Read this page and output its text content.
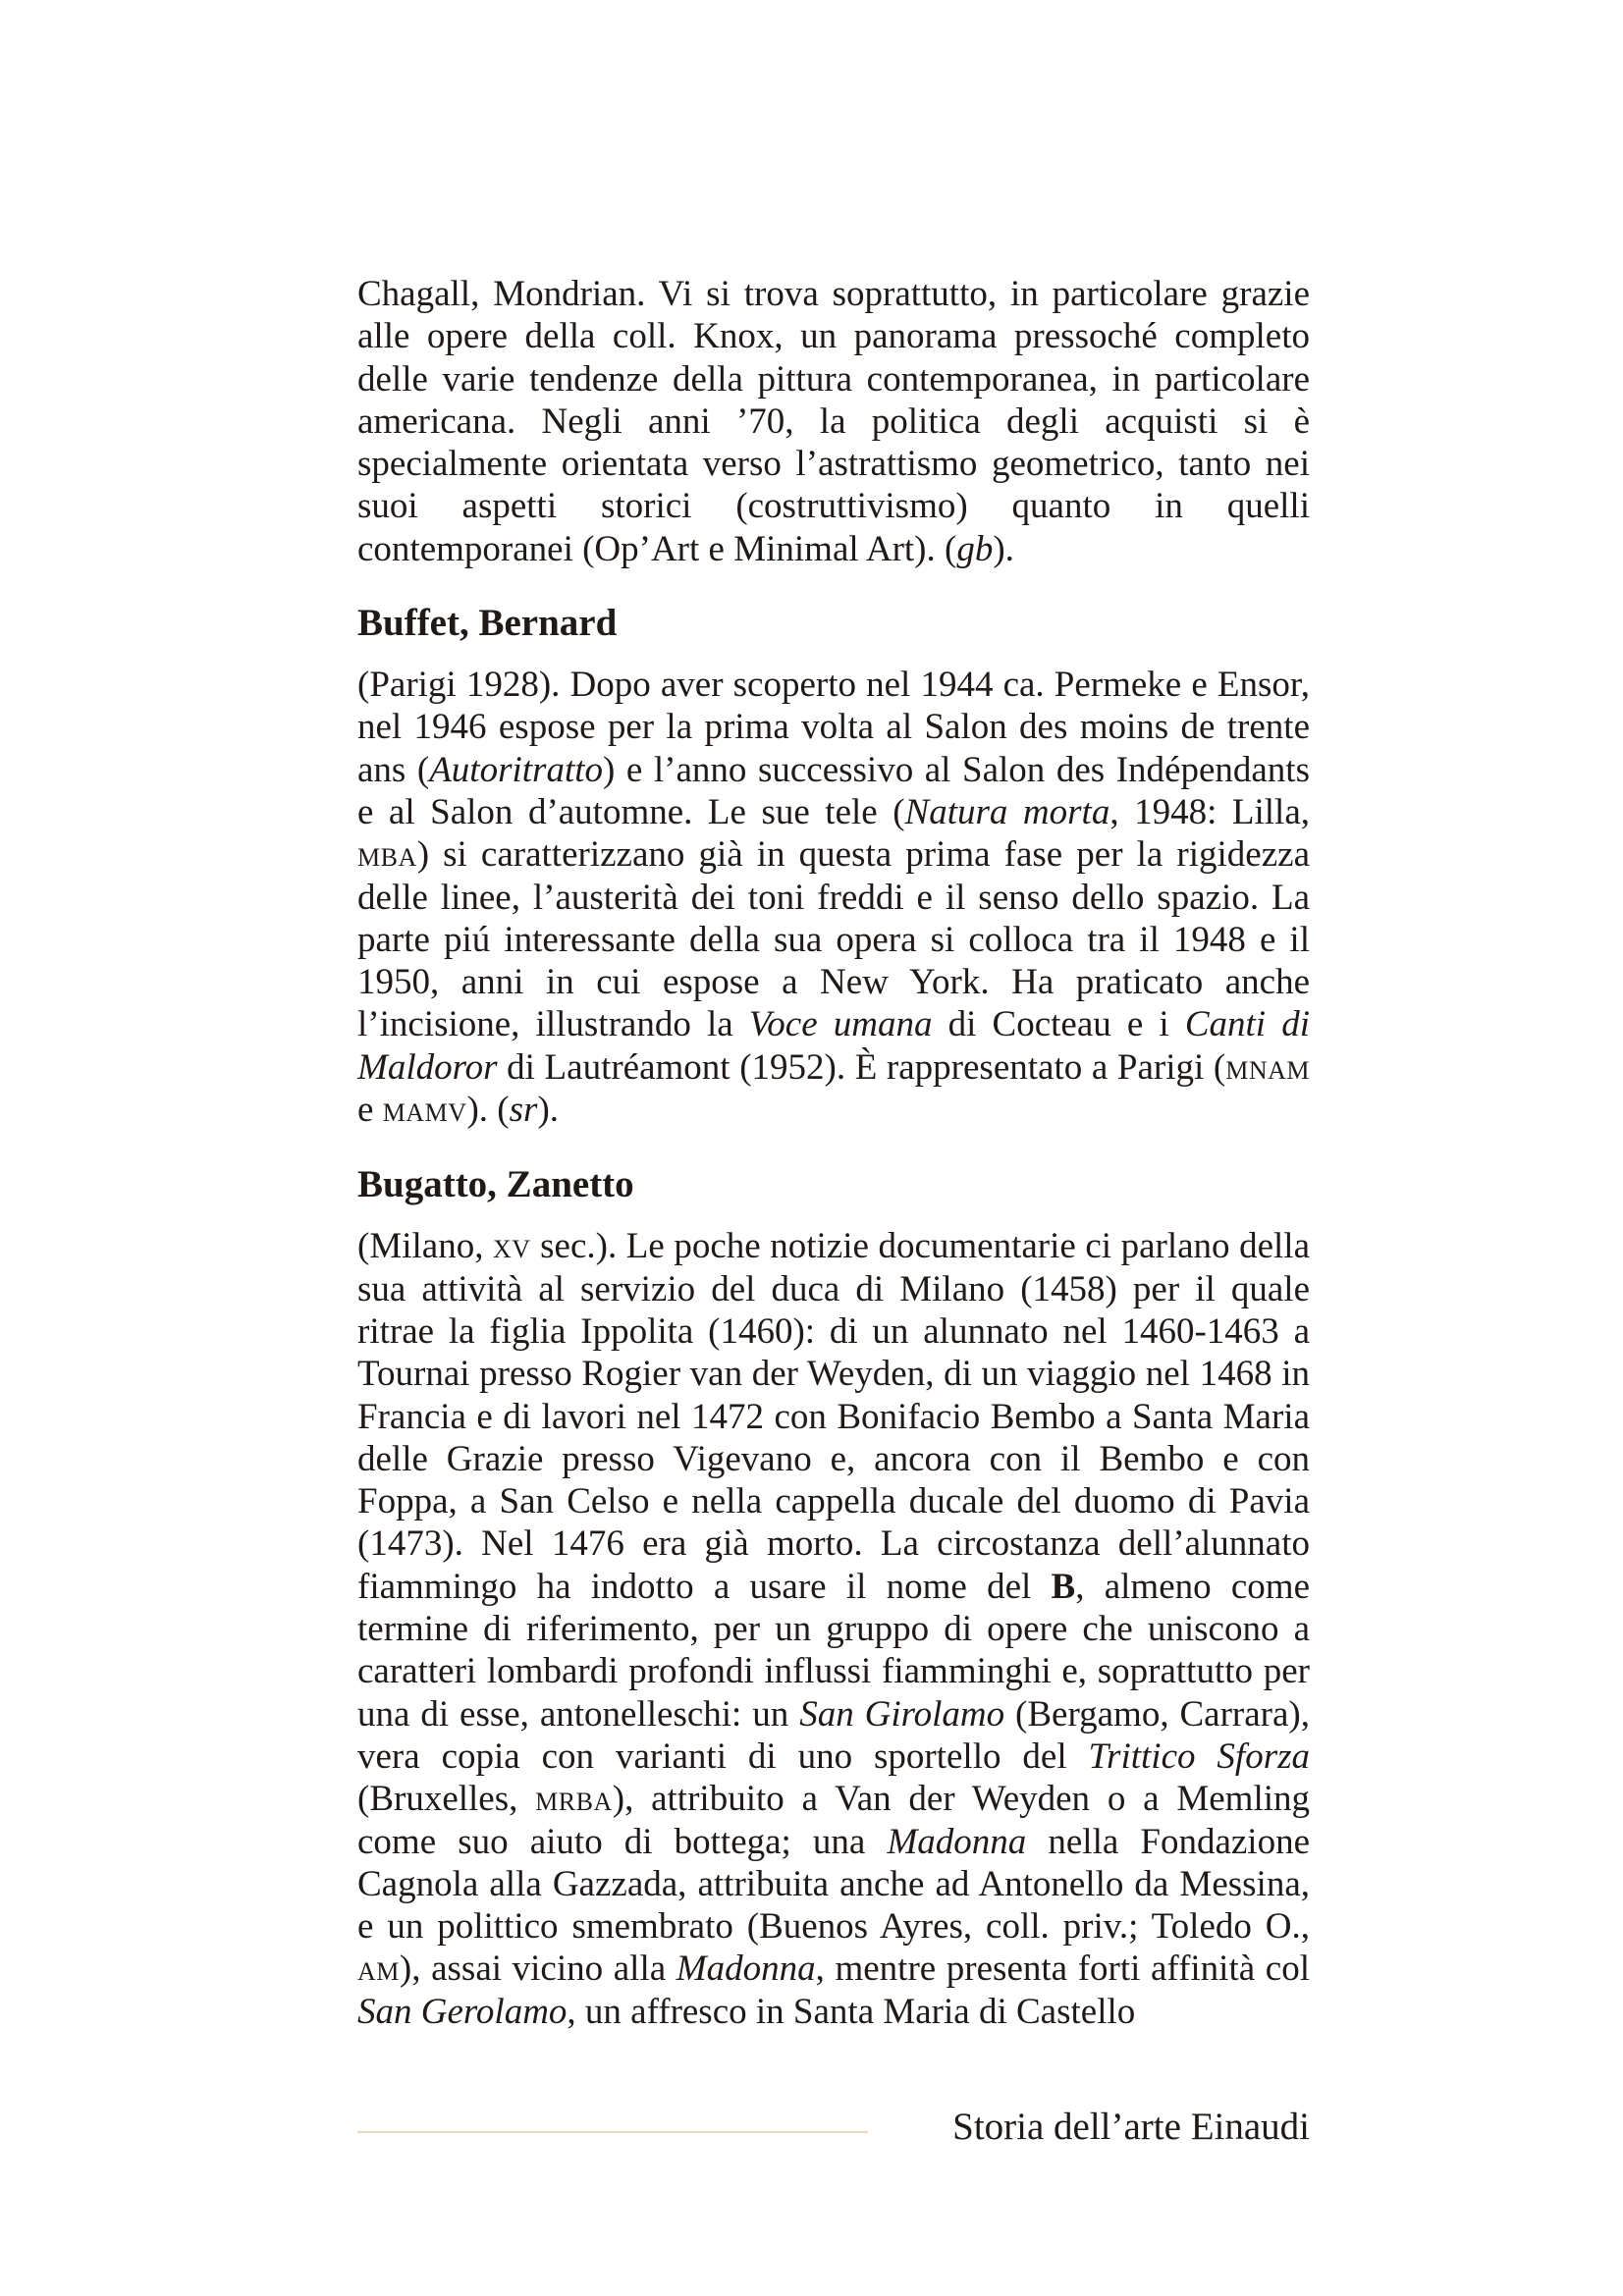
Chagall, Mondrian. Vi si trova soprattutto, in particolare grazie alle opere della coll. Knox, un panorama pressoché completo delle varie tendenze della pittura contemporanea, in particolare americana. Negli anni ’70, la politica degli acquisti si è specialmente orientata verso l’astrattismo geometrico, tanto nei suoi aspetti storici (costruttivismo) quanto in quelli contemporanei (Op’Art e Minimal Art). (gb).

Buffet, Bernard

(Parigi 1928). Dopo aver scoperto nel 1944 ca. Permeke e Ensor, nel 1946 espose per la prima volta al Salon des moins de trente ans (Autoritratto) e l’anno successivo al Salon des Indépendants e al Salon d’automne. Le sue tele (Natura morta, 1948: Lilla, mba) si caratterizzano già in questa prima fase per la rigidezza delle linee, l’austerità dei toni freddi e il senso dello spazio. La parte piú interessante della sua opera si colloca tra il 1948 e il 1950, anni in cui espose a New York. Ha praticato anche l’incisione, illustrando la Voce umana di Cocteau e i Canti di Maldoror di Lautréamont (1952). È rappresentato a Parigi (mnam e mamv). (sr).

Bugatto, Zanetto

(Milano, xv sec.). Le poche notizie documentarie ci parlano della sua attività al servizio del duca di Milano (1458) per il quale ritrae la figlia Ippolita (1460): di un alunnato nel 1460-1463 a Tournai presso Rogier van der Weyden, di un viaggio nel 1468 in Francia e di lavori nel 1472 con Bonifacio Bembo a Santa Maria delle Grazie presso Vigevano e, ancora con il Bembo e con Foppa, a San Celso e nella cappella ducale del duomo di Pavia (1473). Nel 1476 era già morto. La circostanza dell’alunnato fiammingo ha indotto a usare il nome del B, almeno come termine di riferimento, per un gruppo di opere che uniscono a caratteri lombardi profondi influssi fiamminghi e, soprattutto per una di esse, antonelleschi: un San Girolamo (Bergamo, Carrara), vera copia con varianti di uno sportello del Trittico Sforza (Bruxelles, mrba), attribuito a Van der Weyden o a Memling come suo aiuto di bottega; una Madonna nella Fondazione Cagnola alla Gazzada, attribuita anche ad Antonello da Messina, e un polittico smembrato (Buenos Ayres, coll. priv.; Toledo O., am), assai vicino alla Madonna, mentre presenta forti affinità col San Gerolamo, un affresco in Santa Maria di Castello

Storia dell’arte Einaudi
